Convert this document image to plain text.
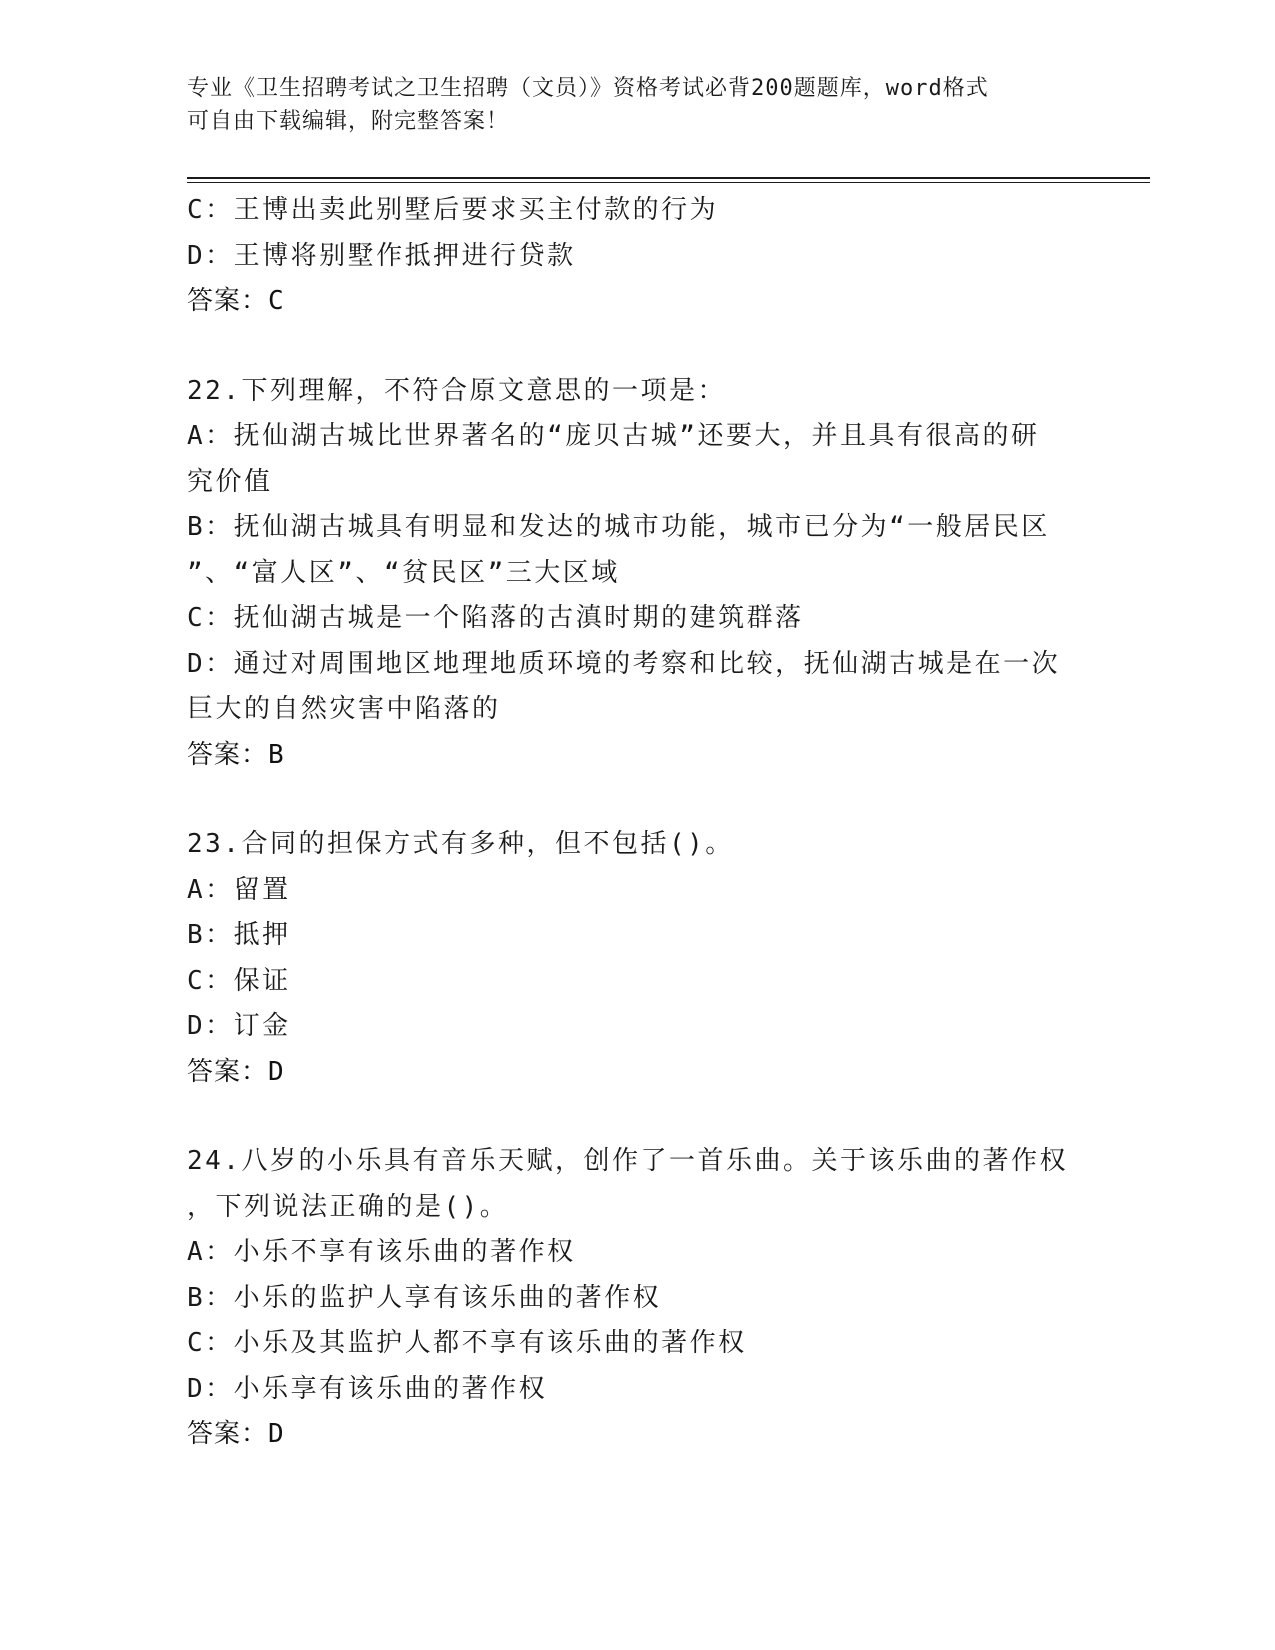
专业《卫生招聘考试之卫生招聘（文员）》资格考试必背200题题库，word格式
可自由下载编辑，附完整答案！
C：王博出卖此别墅后要求买主付款的行为
D：王博将别墅作抵押进行贷款
答案：C
22.下列理解，不符合原文意思的一项是：
A：抚仙湖古城比世界著名的“庞贝古城”还要大，并且具有很高的研
究价值
B：抚仙湖古城具有明显和发达的城市功能，城市已分为“一般居民区
”、“富人区”、“贫民区”三大区域
C：抚仙湖古城是一个陷落的古滇时期的建筑群落
D：通过对周围地区地理地质环境的考察和比较，抚仙湖古城是在一次
巨大的自然灾害中陷落的
答案：B
23.合同的担保方式有多种，但不包括()。
A：留置
B：抵押
C：保证
D：订金
答案：D
24.八岁的小乐具有音乐天赋，创作了一首乐曲。关于该乐曲的著作权
，下列说法正确的是()。
A：小乐不享有该乐曲的著作权
B：小乐的监护人享有该乐曲的著作权
C：小乐及其监护人都不享有该乐曲的著作权
D：小乐享有该乐曲的著作权
答案：D
